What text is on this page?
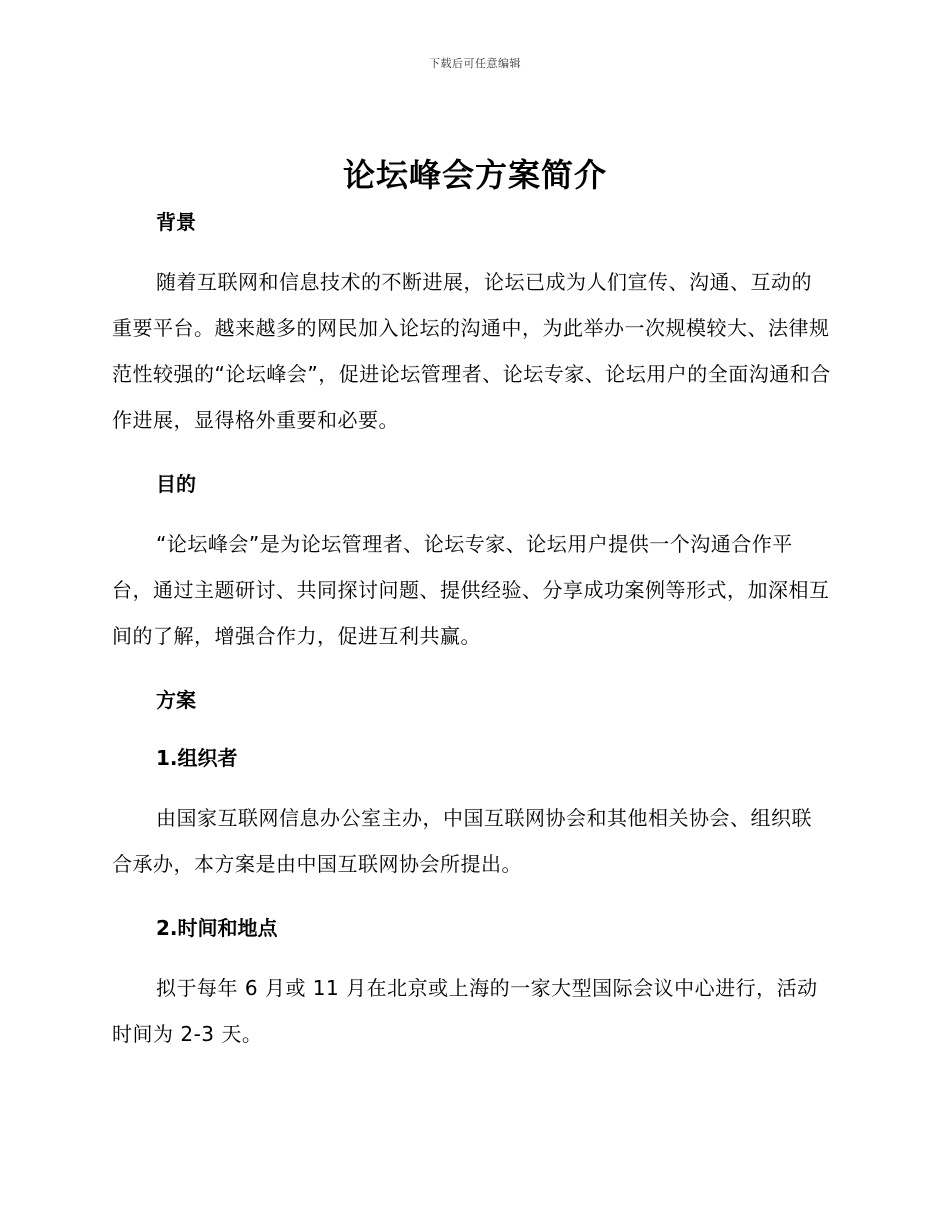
下载后可任意编辑
论坛峰会方案简介

背景

随着互联网和信息技术的不断进展，论坛已成为人们宣传、沟通、互动的重要平台。越来越多的网民加入论坛的沟通中，为此举办一次规模较大、法律规范性较强的“论坛峰会”，促进论坛管理者、论坛专家、论坛用户的全面沟通和合作进展，显得格外重要和必要。

目的

“论坛峰会”是为论坛管理者、论坛专家、论坛用户提供一个沟通合作平台，通过主题研讨、共同探讨问题、提供经验、分享成功案例等形式，加深相互间的了解，增强合作力，促进互利共赢。

方案

1.组织者

由国家互联网信息办公室主办，中国互联网协会和其他相关协会、组织联合承办，本方案是由中国互联网协会所提出。

2.时间和地点

拟于每年 6 月或 11 月在北京或上海的一家大型国际会议中心进行，活动时间为 2-3 天。
